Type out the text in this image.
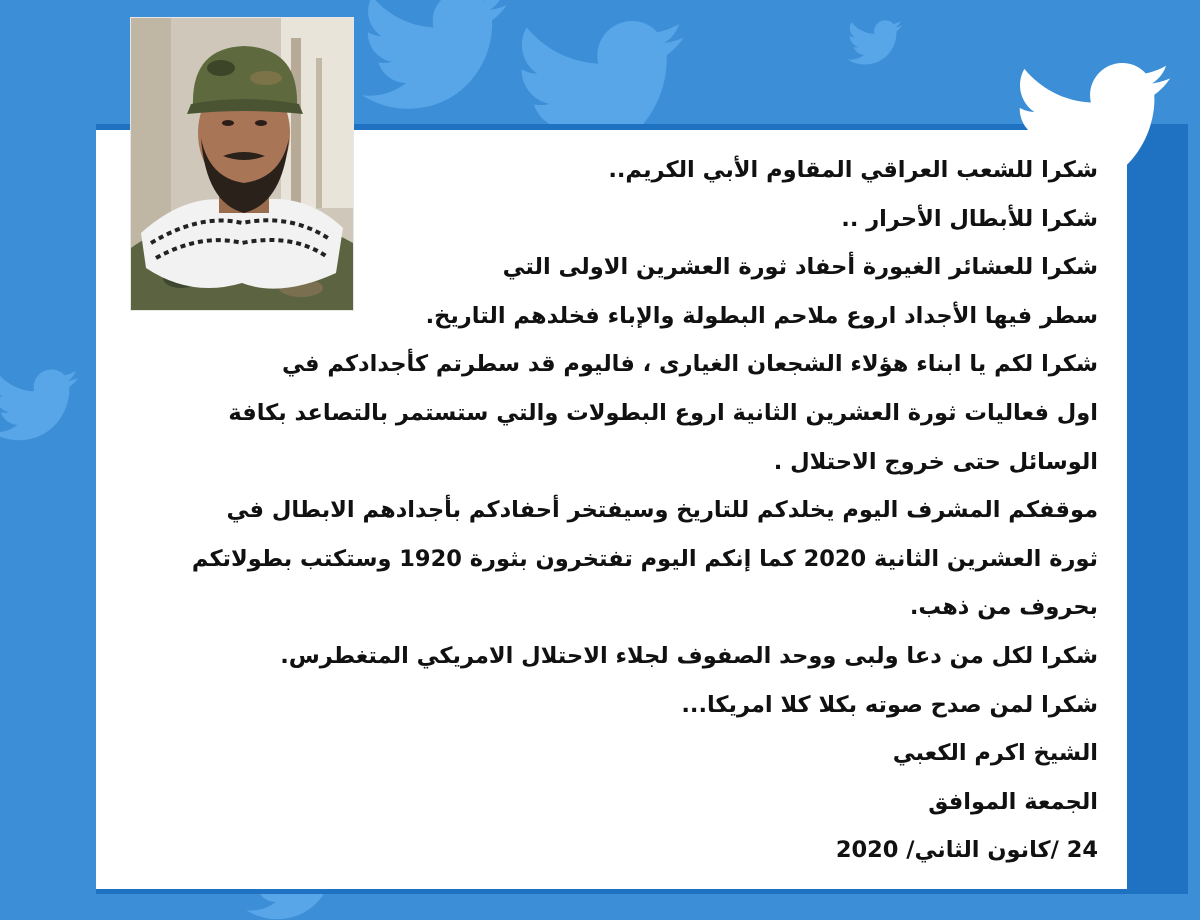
شكرا للشعب العراقي المقاوم الأبي الكريم..
شكرا للأبطال الأحرار ..
شكرا للعشائر الغيورة أحفاد ثورة العشرين الاولى التي
سطر فيها الأجداد اروع ملاحم البطولة والإباء فخلدهم التاريخ.
شكرا لكم يا ابناء هؤلاء الشجعان الغيارى ، فاليوم قد سطرتم كأجدادكم في
اول فعاليات ثورة العشرين الثانية اروع البطولات والتي ستستمر بالتصاعد بكافة
الوسائل حتى خروج الاحتلال .
موقفكم المشرف اليوم يخلدكم للتاريخ وسيفتخر أحفادكم بأجدادهم الابطال في
ثورة العشرين الثانية 2020 كما إنكم اليوم تفتخرون بثورة 1920 وستكتب بطولاتكم
بحروف من ذهب.
شكرا لكل من دعا ولبى ووحد الصفوف لجلاء الاحتلال الامريكي المتغطرس.
شكرا لمن صدح صوته بكلا كلا امريكا...
الشيخ اكرم الكعبي
الجمعة الموافق
24 /كانون الثاني/ 2020
